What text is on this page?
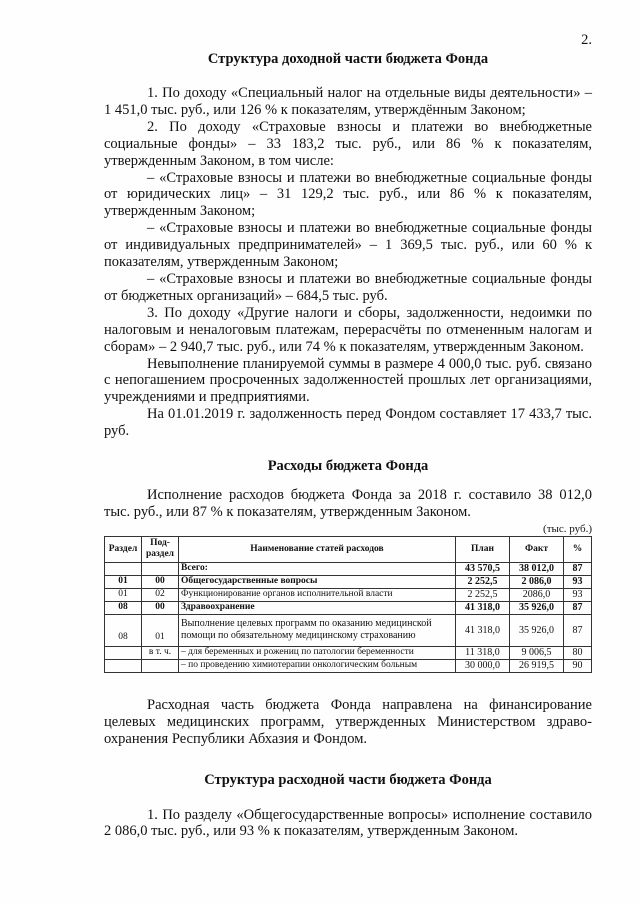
2.
Структура доходной части бюджета Фонда

1. По доходу «Специальный налог на отдельные виды деятельности» – 1 451,0 тыс. руб., или 126 % к показателям, утверждённым Законом;

2. По доходу «Страховые взносы и платежи во внебюджетные социальные фонды» – 33 183,2 тыс. руб., или 86 % к показателям, утвержденным Законом, в том числе:

– «Страховые взносы и платежи во внебюджетные социальные фонды от юридических лиц» – 31 129,2 тыс. руб., или 86 % к показателям, утвержденным Законом;

– «Страховые взносы и платежи во внебюджетные социальные фонды от индивидуальных предпринимателей» – 1 369,5 тыс. руб., или 60 % к показателям, утвержденным Законом;

– «Страховые взносы и платежи во внебюджетные социальные фонды от бюджетных организаций» – 684,5 тыс. руб.

3. По доходу «Другие налоги и сборы, задолженности, недоимки по налоговым и неналоговым платежам, перерасчёты по отмененным налогам и сборам» – 2 940,7 тыс. руб., или 74 % к показателям, утвержденным Законом.

Невыполнение планируемой суммы в размере 4 000,0 тыс. руб. связано с непогашением просроченных задолженностей прошлых лет организациями, учреждениями и предприятиями.

На 01.01.2019 г. задолженность перед Фондом составляет 17 433,7 тыс. руб.

Расходы бюджета Фонда

Исполнение расходов бюджета Фонда за 2018 г. составило 38 012,0 тыс. руб., или 87 % к показателям, утвержденным Законом.

(тыс. руб.)
Раздел	Под-раздел	Наименование статей расходов	План	Факт	%
		Всего:	43 570,5	38 012,0	87
01	00	Общегосударственные вопросы	2 252,5	2 086,0	93
01	02	Функционирование органов исполнительной власти	2 252,5	2086,0	93
08	00	Здравоохранение	41 318,0	35 926,0	87
08	01	Выполнение целевых программ по оказанию медицинской помощи по обязательному медицинскому страхованию	41 318,0	35 926,0	87
	в т. ч.	– для беременных и рожениц по патологии беременности	11 318,0	9 006,5	80
		– по проведению химиотерапии онкологическим больным	30 000,0	26 919,5	90

Расходная часть бюджета Фонда направлена на финансирование целевых медицинских программ, утвержденных Министерством здраво-охранения Республики Абхазия и Фондом.

Структура расходной части бюджета Фонда

1. По разделу «Общегосударственные вопросы» исполнение составило 2 086,0 тыс. руб., или 93 % к показателям, утвержденным Законом.
